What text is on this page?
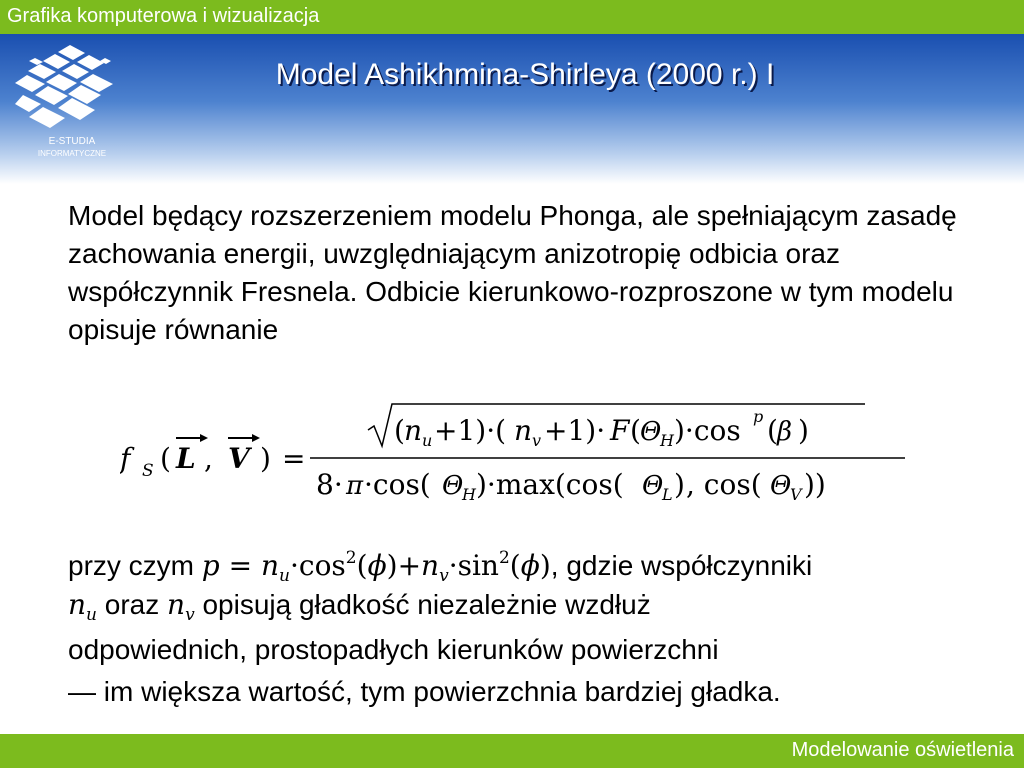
Grafika komputerowa i wizualizacja
E-STUDIA
INFORMATYCZNE
Model Ashikhmina-Shirleya (2000 r.) I

Model będący rozszerzeniem modelu Phonga, ale spełniającym zasadę zachowania energii, uwzględniającym anizotropię odbicia oraz współczynnik Fresnela. Odbicie kierunkowo-rozproszone w tym modelu opisuje równanie

f S ( L , V ) =
( n u +1)·( n v +1)· F ( Θ
H )·cos p ( β )
8· π ·cos( Θ
H )·max(cos( Θ
L ) , cos( Θ
V ))
przy czym $p = n_u\cdot\cos^2(\phi)+n_v\cdot\sin^2(\phi)$, gdzie współczynniki
$n_u$ oraz $n_v$ opisują gładkość niezależnie wzdłuż
odpowiednich, prostopadłych kierunków powierzchni
— im większa wartość, tym powierzchnia bardziej gładka.
Modelowanie oświetlenia
